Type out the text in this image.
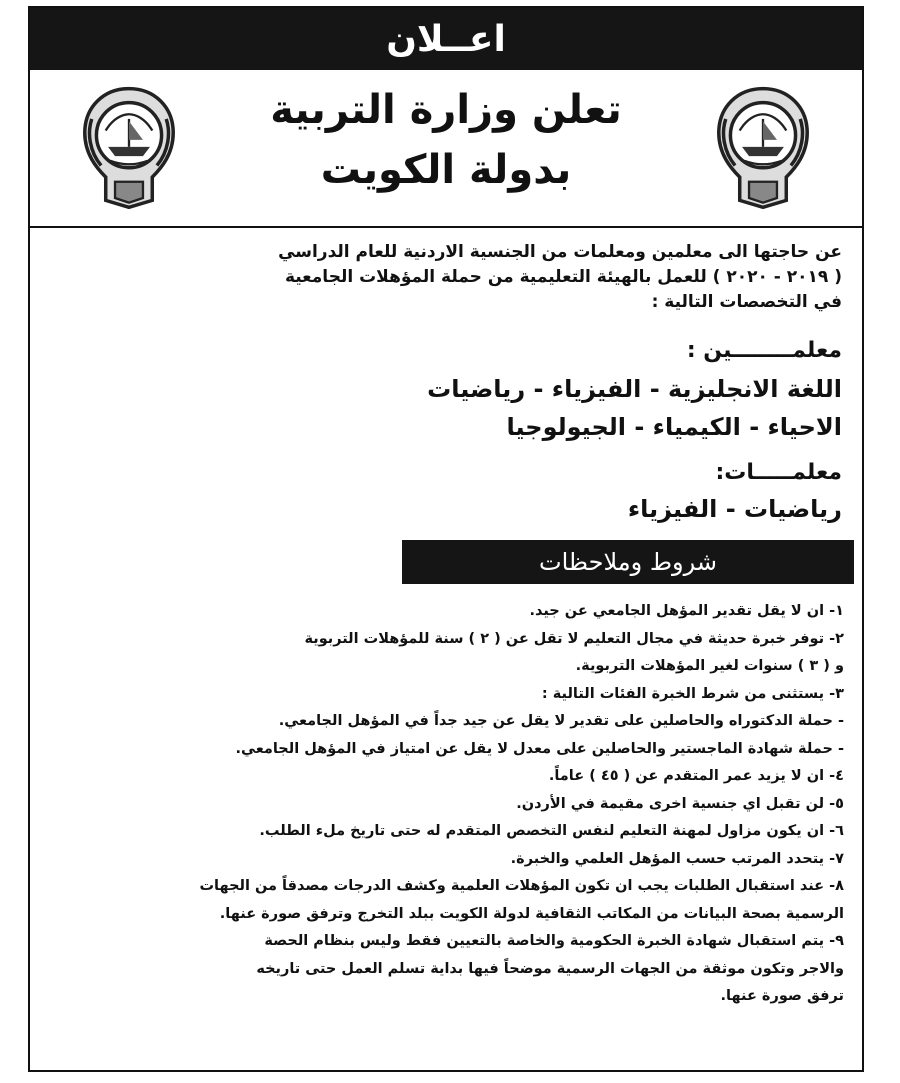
اعــلان
تعلن وزارة التربية
بدولة الكويت
عن حاجتها الى معلمين ومعلمات من الجنسية الاردنية للعام الدراسي
( ٢٠١٩ - ٢٠٢٠ ) للعمل بالهيئة التعليمية من حملة المؤهلات الجامعية
في التخصصات التالية :
معلمــــــــين :
اللغة الانجليزية - الفيزياء - رياضيات
الاحياء - الكيمياء - الجيولوجيا
معلمـــــات:
رياضيات - الفيزياء
شروط وملاحظات
١- ان لا يقل تقدير المؤهل الجامعي عن جيد.
٢- توفر خبرة حديثة في مجال التعليم لا تقل عن ( ٢ ) سنة للمؤهلات التربوية
و ( ٣ ) سنوات لغير المؤهلات التربوية.
٣- يستثنى من شرط الخبرة الفئات التالية :
- حملة الدكتوراه والحاصلين على تقدير لا يقل عن جيد جداً في المؤهل الجامعي.
- حملة شهادة الماجستير والحاصلين على معدل لا يقل عن امتياز في المؤهل الجامعي.
٤- ان لا يزيد عمر المتقدم عن ( ٤٥ ) عاماً.
٥- لن تقبل اي جنسية اخرى مقيمة في الأردن.
٦- ان يكون مزاول لمهنة التعليم لنفس التخصص المتقدم له حتى تاريخ ملء الطلب.
٧- يتحدد المرتب حسب المؤهل العلمي والخبرة.
٨- عند استقبال الطلبات يجب ان تكون المؤهلات العلمية وكشف الدرجات مصدقاً من الجهات
الرسمية بصحة البيانات من المكاتب الثقافية لدولة الكويت ببلد التخرج وترفق صورة عنها.
٩- يتم استقبال شهادة الخبرة الحكومية والخاصة بالتعيين فقط وليس بنظام الحصة
والاجر وتكون موثقة من الجهات الرسمية موضحاً فيها بداية تسلم العمل حتى تاريخه
ترفق صورة عنها.
